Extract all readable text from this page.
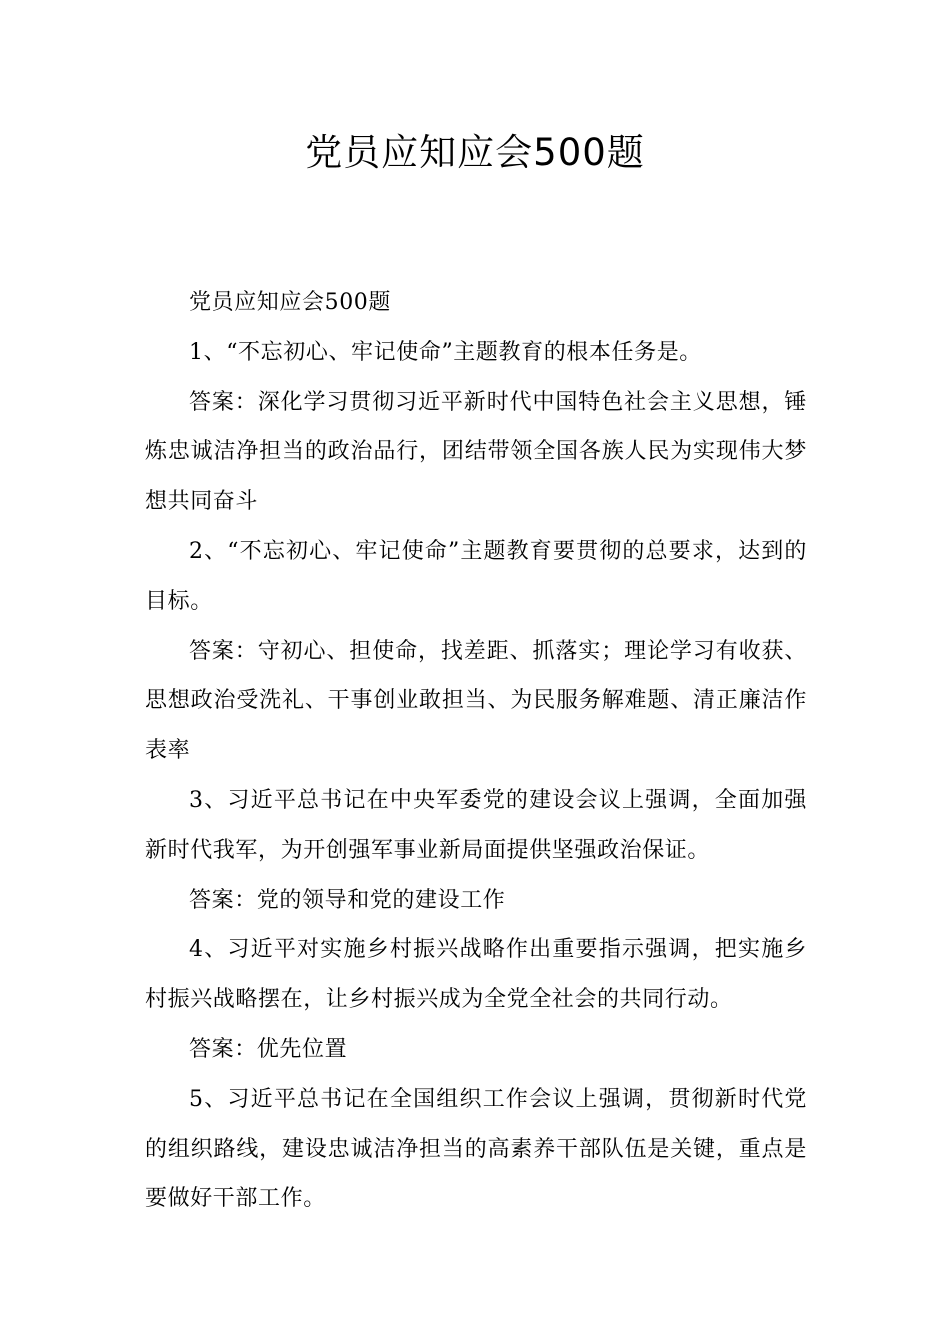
党员应知应会500题

党员应知应会500题

1、“不忘初心、牢记使命”主题教育的根本任务是。

答案：深化学习贯彻习近平新时代中国特色社会主义思想，锤炼忠诚洁净担当的政治品行，团结带领全国各族人民为实现伟大梦想共同奋斗

2、“不忘初心、牢记使命”主题教育要贯彻的总要求，达到的目标。

答案：守初心、担使命，找差距、抓落实；理论学习有收获、思想政治受洗礼、干事创业敢担当、为民服务解难题、清正廉洁作表率

3、习近平总书记在中央军委党的建设会议上强调，全面加强新时代我军，为开创强军事业新局面提供坚强政治保证。

答案：党的领导和党的建设工作

4、习近平对实施乡村振兴战略作出重要指示强调，把实施乡村振兴战略摆在，让乡村振兴成为全党全社会的共同行动。

答案：优先位置

5、习近平总书记在全国组织工作会议上强调，贯彻新时代党的组织路线，建设忠诚洁净担当的高素养干部队伍是关键，重点是要做好干部工作。
